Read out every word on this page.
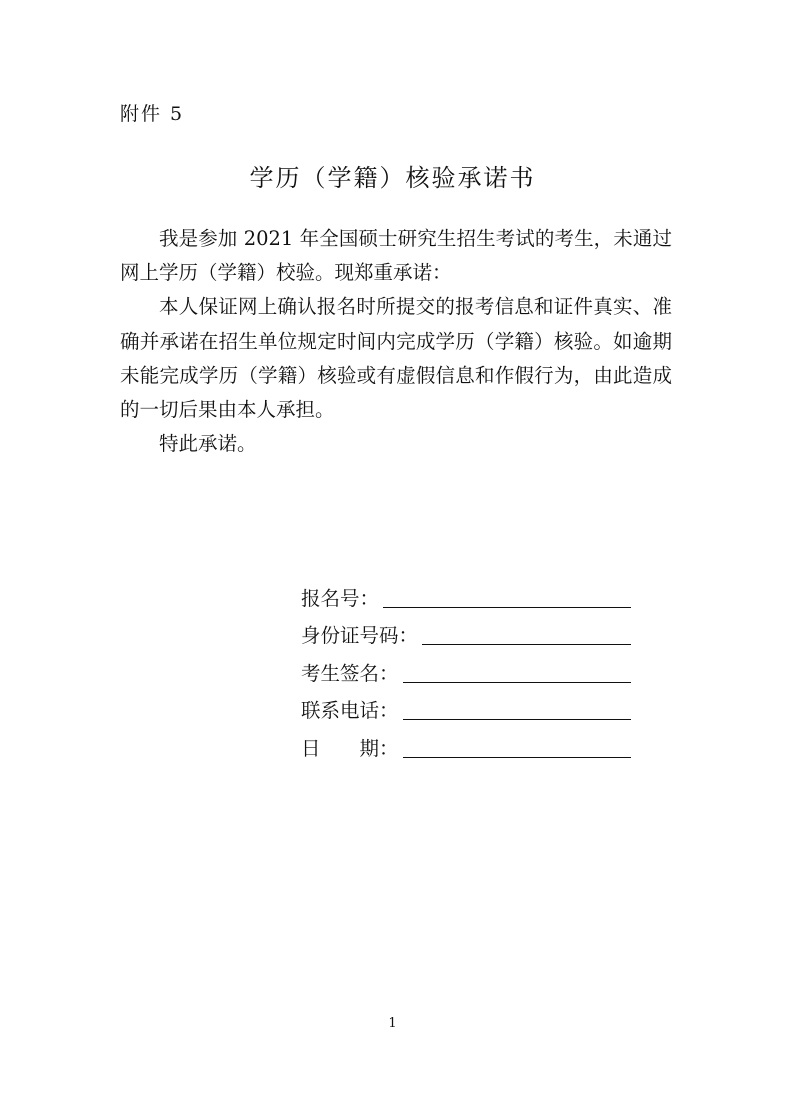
附件 5
学历（学籍）核验承诺书

我是参加 2021 年全国硕士研究生招生考试的考生，未通过网上学历（学籍）校验。现郑重承诺：

本人保证网上确认报名时所提交的报考信息和证件真实、准确并承诺在招生单位规定时间内完成学历（学籍）核验。如逾期未能完成学历（学籍）核验或有虚假信息和作假行为，由此造成的一切后果由本人承担。

特此承诺。

报名号：
身份证号码：
考生签名：
联系电话：
日　　期：
1
